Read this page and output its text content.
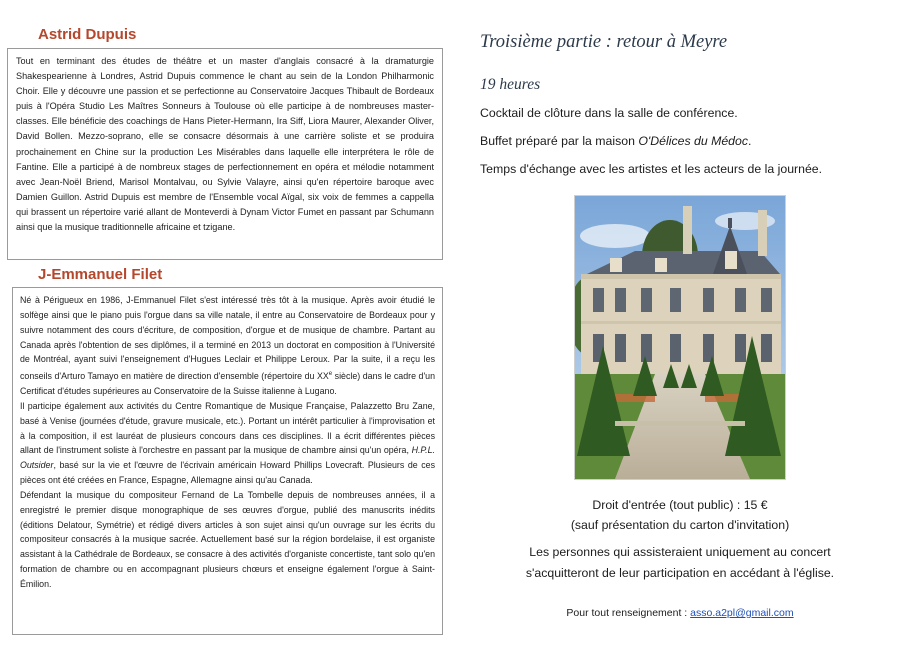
Astrid Dupuis

Tout en terminant des études de théâtre et un master d'anglais consacré à la dramaturgie Shakespearienne à Londres, Astrid Dupuis commence le chant au sein de la London Philharmonic Choir. Elle y découvre une passion et se perfectionne au Conservatoire Jacques Thibault de Bordeaux puis à l'Opéra Studio Les Maîtres Sonneurs à Toulouse où elle participe à de nombreuses master-classes. Elle bénéficie des coachings de Hans Pieter-Hermann, Ira Siff, Liora Maurer, Alexander Oliver, David Bollen. Mezzo-soprano, elle se consacre désormais à une carrière soliste et se produira prochainement en Chine sur la production Les Misérables dans laquelle elle interprétera le rôle de Fantine. Elle a participé à de nombreux stages de perfectionnement en opéra et mélodie notamment avec Jean-Noël Briend, Marisol Montalvau, ou Sylvie Valayre, ainsi qu'en répertoire baroque avec Damien Guillon. Astrid Dupuis est membre de l'Ensemble vocal Aïgal, six voix de femmes a cappella qui brassent un répertoire varié allant de Monteverdi à Dynam Victor Fumet en passant par Schumann ainsi que la musique traditionnelle africaine et tzigane.

J-Emmanuel Filet

Né à Périgueux en 1986, J-Emmanuel Filet s'est intéressé très tôt à la musique. Après avoir étudié le solfège ainsi que le piano puis l'orgue dans sa ville natale, il entre au Conservatoire de Bordeaux pour y suivre notamment des cours d'écriture, de composition, d'orgue et de musique de chambre. Partant au Canada après l'obtention de ses diplômes, il a terminé en 2013 un doctorat en composition à l'Université de Montréal, ayant suivi l'enseignement d'Hugues Leclair et Philippe Leroux. Par la suite, il a reçu les conseils d'Arturo Tamayo en matière de direction d'ensemble (répertoire du XXe siècle) dans le cadre d'un Certificat d'études supérieures au Conservatoire de la Suisse italienne à Lugano.

Il participe également aux activités du Centre Romantique de Musique Française, Palazzetto Bru Zane, basé à Venise (journées d'étude, gravure musicale, etc.). Portant un intérêt particulier à l'improvisation et à la composition, il est lauréat de plusieurs concours dans ces disciplines. Il a écrit différentes pièces allant de l'instrument soliste à l'orchestre en passant par la musique de chambre ainsi qu'un opéra, H.P.L. Outsider, basé sur la vie et l'œuvre de l'écrivain américain Howard Phillips Lovecraft. Plusieurs de ces pièces ont été créées en France, Espagne, Allemagne ainsi qu'au Canada.

Défendant la musique du compositeur Fernand de La Tombelle depuis de nombreuses années, il a enregistré le premier disque monographique de ses œuvres d'orgue, publié des manuscrits inédits (éditions Delatour, Symétrie) et rédigé divers articles à son sujet ainsi qu'un ouvrage sur les écrits du compositeur consacrés à la musique sacrée. Actuellement basé sur la région bordelaise, il est organiste assistant à la Cathédrale de Bordeaux, se consacre à des activités d'organiste concertiste, tant solo qu'en formation de chambre ou en accompagnant plusieurs chœurs et enseigne également l'orgue à Saint-Émilion.

Troisième partie : retour à Meyre

19 heures

Cocktail de clôture dans la salle de conférence.

Buffet préparé par la maison O'Délices du Médoc.

Temps d'échange avec les artistes et les acteurs de la journée.

Droit d'entrée (tout public) : 15 €

(sauf présentation du carton d'invitation)

Les personnes qui assisteraient uniquement au concert

s'acquitteront de leur participation en accédant à l'église.

Pour tout renseignement : asso.a2pl@gmail.com
